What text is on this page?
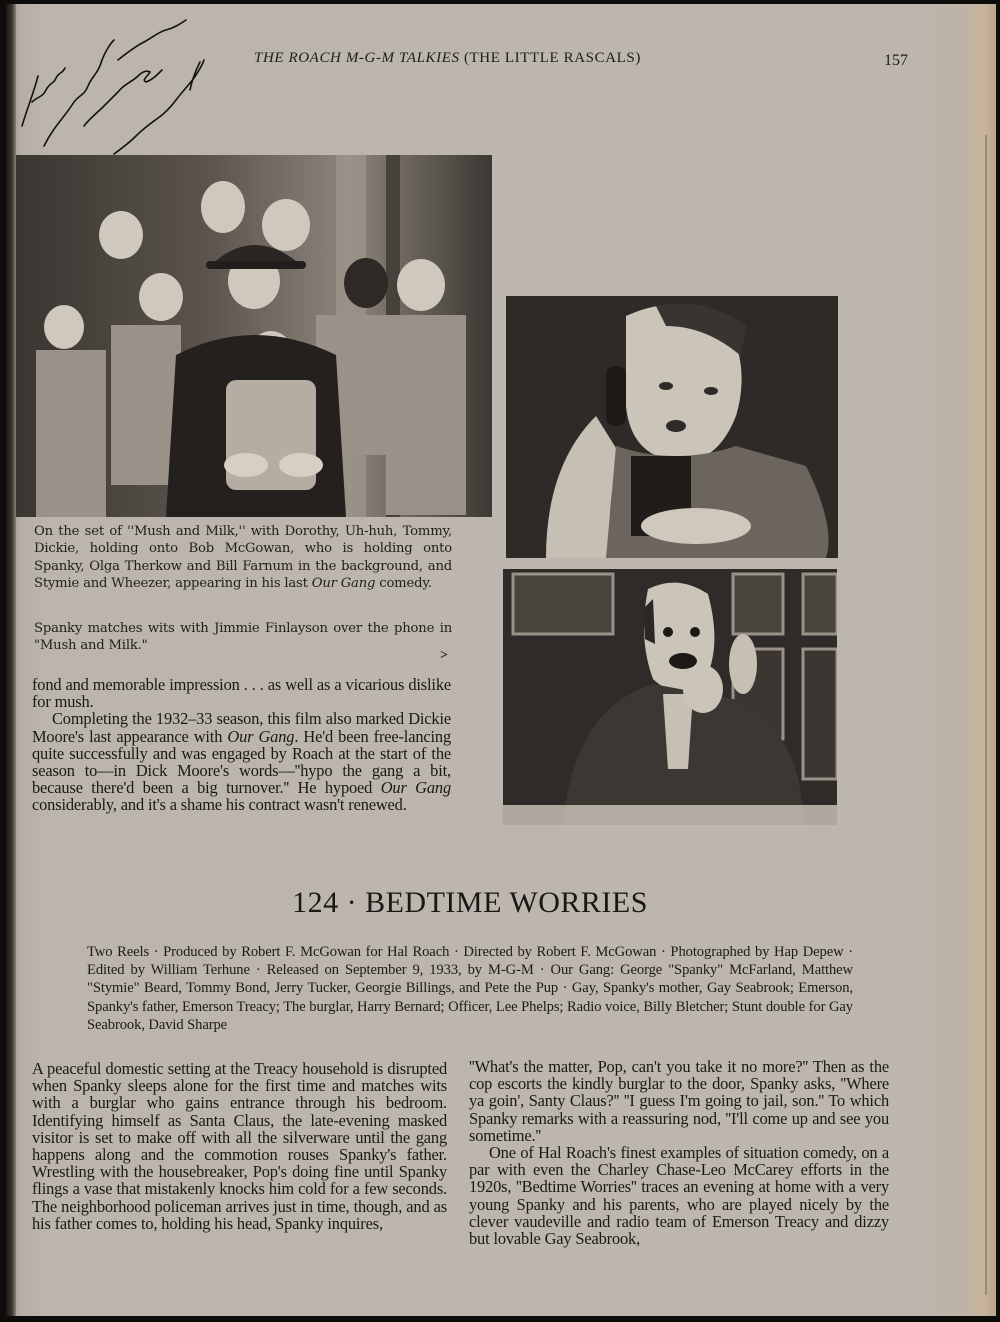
THE ROACH M-G-M TALKIES (THE LITTLE RASCALS)	157
On the set of ''Mush and Milk,'' with Dorothy, Uh-huh, Tommy, Dickie, holding onto Bob McGowan, who is holding onto Spanky, Olga Therkow and Bill Farnum in the background, and Stymie and Wheezer, appearing in his last Our Gang comedy.
Spanky matches wits with Jimmie Finlayson over the phone in "Mush and Milk."
>

fond and memorable impression . . . as well as a vicarious dislike for mush.

Completing the 1932–33 season, this film also marked Dickie Moore's last appearance with Our Gang. He'd been free-lancing quite successfully and was engaged by Roach at the start of the season to—in Dick Moore's words—''hypo the gang a bit, because there'd been a big turnover.'' He hypoed Our Gang considerably, and it's a shame his contract wasn't renewed.

124 · BEDTIME WORRIES
Two Reels · Produced by Robert F. McGowan for Hal Roach · Directed by Robert F. McGowan · Photographed by Hap Depew · Edited by William Terhune · Released on September 9, 1933, by M-G-M · Our Gang: George "Spanky" McFarland, Matthew "Stymie" Beard, Tommy Bond, Jerry Tucker, Georgie Billings, and Pete the Pup · Gay, Spanky's mother, Gay Seabrook; Emerson, Spanky's father, Emerson Treacy; The burglar, Harry Bernard; Officer, Lee Phelps; Radio voice, Billy Bletcher; Stunt double for Gay Seabrook, David Sharpe

A peaceful domestic setting at the Treacy household is disrupted when Spanky sleeps alone for the first time and matches wits with a burglar who gains entrance through his bedroom. Identifying himself as Santa Claus, the late-evening masked visitor is set to make off with all the silverware until the gang happens along and the commotion rouses Spanky's father. Wrestling with the housebreaker, Pop's doing fine until Spanky flings a vase that mistakenly knocks him cold for a few seconds. The neighborhood policeman arrives just in time, though, and as his father comes to, holding his head, Spanky inquires,

''What's the matter, Pop, can't you take it no more?'' Then as the cop escorts the kindly burglar to the door, Spanky asks, ''Where ya goin', Santy Claus?'' ''I guess I'm going to jail, son.'' To which Spanky remarks with a reassuring nod, ''I'll come up and see you sometime.''

One of Hal Roach's finest examples of situation comedy, on a par with even the Charley Chase-Leo McCarey efforts in the 1920s, ''Bedtime Worries'' traces an evening at home with a very young Spanky and his parents, who are played nicely by the clever vaudeville and radio team of Emerson Treacy and dizzy but lovable Gay Seabrook,
